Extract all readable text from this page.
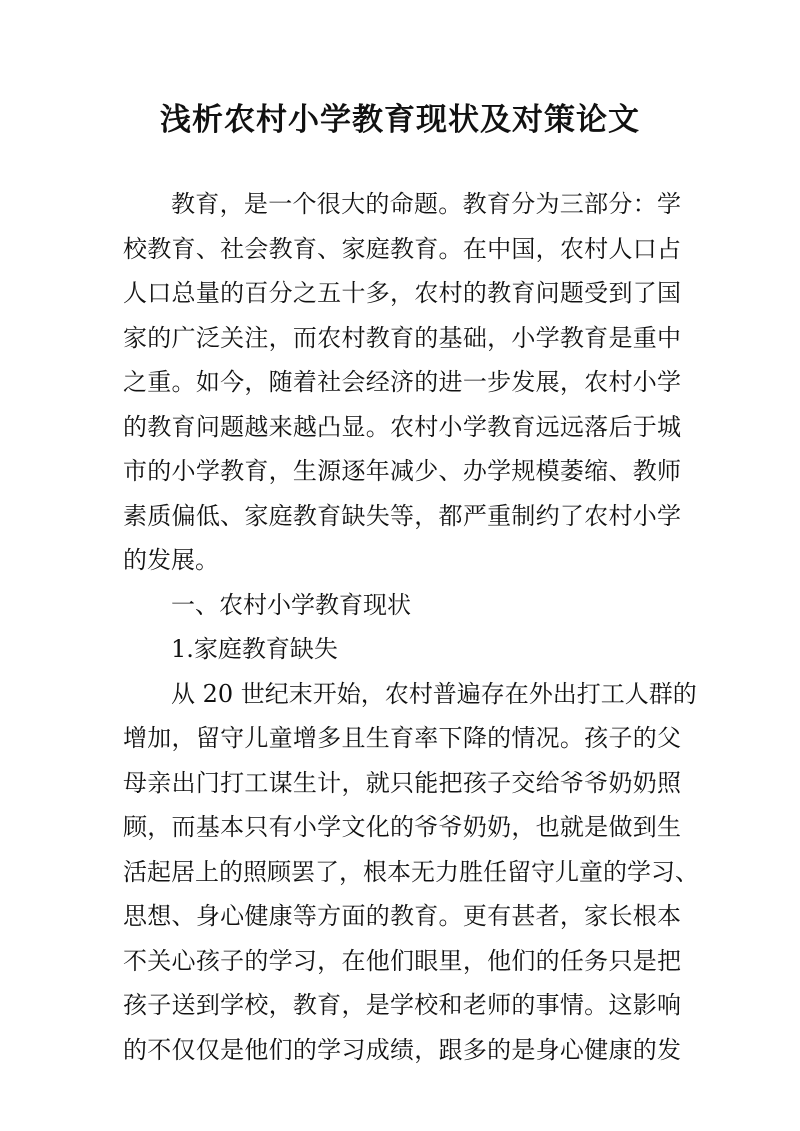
浅析农村小学教育现状及对策论文
教育，是一个很大的命题。教育分为三部分：学
校教育、社会教育、家庭教育。在中国，农村人口占
人口总量的百分之五十多，农村的教育问题受到了国
家的广泛关注，而农村教育的基础，小学教育是重中
之重。如今，随着社会经济的进一步发展，农村小学
的教育问题越来越凸显。农村小学教育远远落后于城
市的小学教育，生源逐年减少、办学规模萎缩、教师
素质偏低、家庭教育缺失等，都严重制约了农村小学
的发展。
一、农村小学教育现状
1.家庭教育缺失
从 20 世纪末开始，农村普遍存在外出打工人群的
增加，留守儿童增多且生育率下降的情况。孩子的父
母亲出门打工谋生计，就只能把孩子交给爷爷奶奶照
顾，而基本只有小学文化的爷爷奶奶，也就是做到生
活起居上的照顾罢了，根本无力胜任留守儿童的学习、
思想、身心健康等方面的教育。更有甚者，家长根本
不关心孩子的学习，在他们眼里，他们的任务只是把
孩子送到学校，教育，是学校和老师的事情。这影响
的不仅仅是他们的学习成绩，跟多的是身心健康的发
